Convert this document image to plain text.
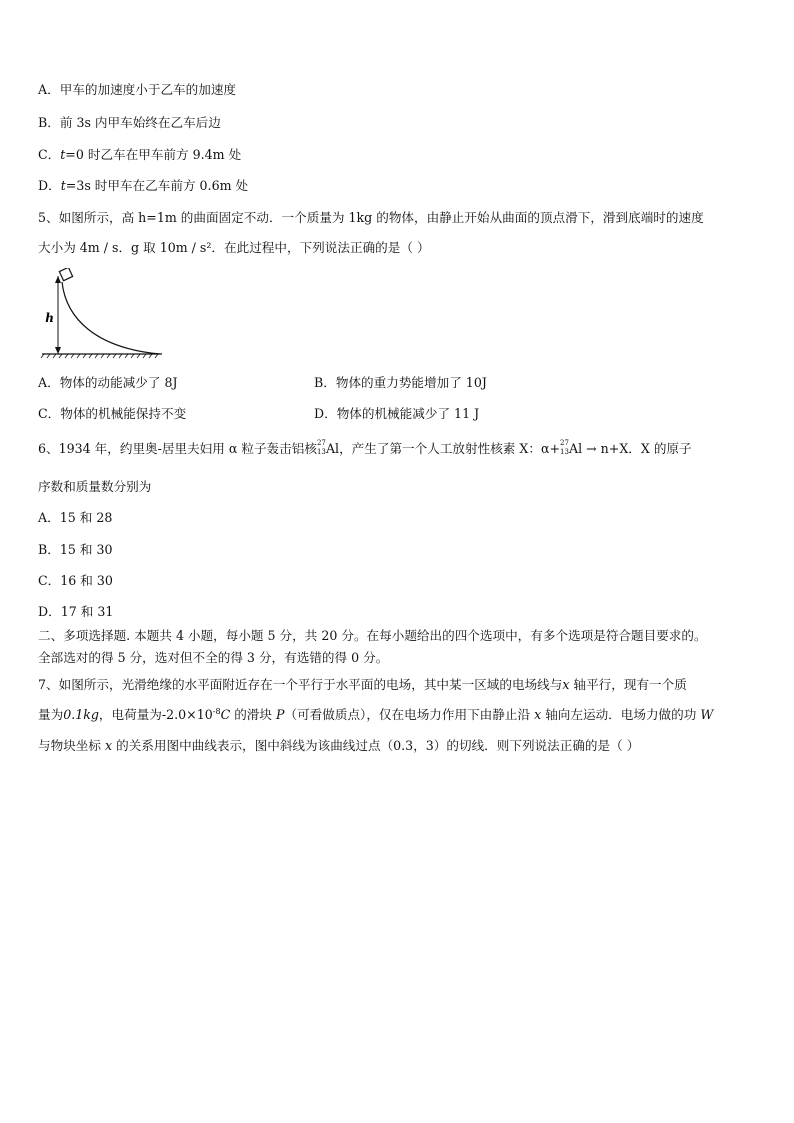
A．甲车的加速度小于乙车的加速度
B．前 3s 内甲车始终在乙车后边
C．t=0 时乙车在甲车前方 9.4m 处
D．t=3s 时甲车在乙车前方 0.6m 处
5、如图所示，高 h=1m 的曲面固定不动．一个质量为 1kg 的物体，由静止开始从曲面的顶点滑下，滑到底端时的速度
大小为 4m / s．g 取 10m / s²．在此过程中，下列说法正确的是（ ）
h
A．物体的动能减少了 8J	B．物体的重力势能增加了 10J
C．物体的机械能保持不变	D．物体的机械能减少了 11 J
6、1934 年，约里奥-居里夫妇用 α 粒子轰击铝核 27
13 Al，产生了第一个人工放射性核素 X：α+ 27
13 Al → n+X．X 的原子
序数和质量数分别为
A．15 和 28
B．15 和 30
C．16 和 30
D．17 和 31
二、多项选择题. 本题共 4 小题，每小题 5 分，共 20 分。在每小题给出的四个选项中，有多个选项是符合题目要求的。
全部选对的得 5 分，选对但不全的得 3 分，有选错的得 0 分。
7、如图所示，光滑绝缘的水平面附近存在一个平行于水平面的电场，其中某一区域的电场线与x 轴平行，现有一个质
量为0.1kg，电荷量为$-2.0\times 10^{-8}C$ 的滑块 P（可看做质点），仅在电场力作用下由静止沿 x 轴向左运动．电场力做的功 W
与物块坐标 x 的关系用图中曲线表示，图中斜线为该曲线过点（0.3，3）的切线．则下列说法正确的是（ ）
